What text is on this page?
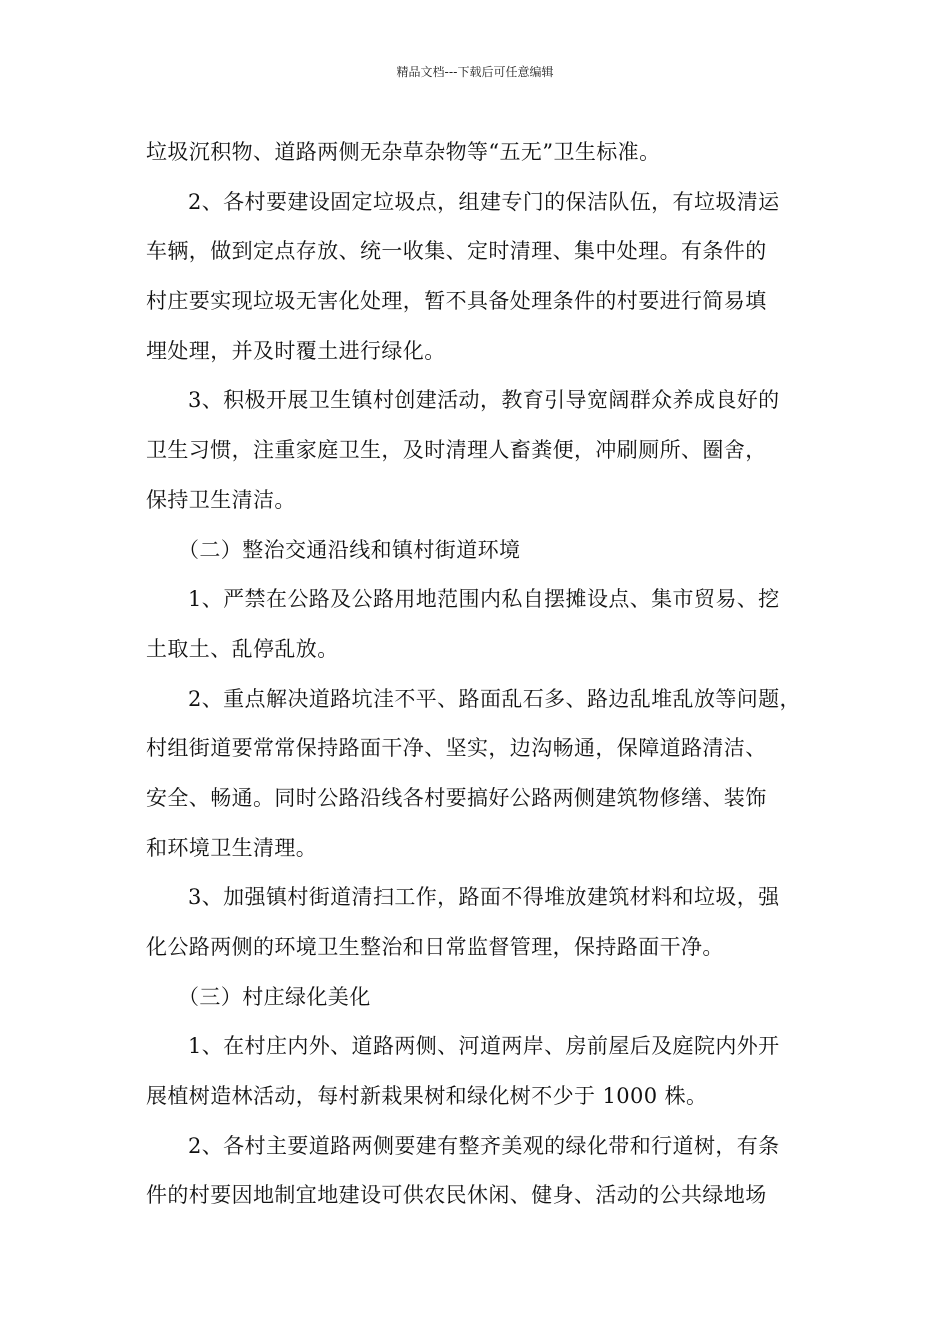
精品文档---下载后可任意编辑
垃圾沉积物、道路两侧无杂草杂物等“五无”卫生标准。
2、各村要建设固定垃圾点，组建专门的保洁队伍，有垃圾清运
车辆，做到定点存放、统一收集、定时清理、集中处理。有条件的
村庄要实现垃圾无害化处理，暂不具备处理条件的村要进行简易填
埋处理，并及时覆土进行绿化。
3、积极开展卫生镇村创建活动，教育引导宽阔群众养成良好的
卫生习惯，注重家庭卫生，及时清理人畜粪便，冲刷厕所、圈舍，
保持卫生清洁。
（二）整治交通沿线和镇村街道环境
1、严禁在公路及公路用地范围内私自摆摊设点、集市贸易、挖
土取土、乱停乱放。
2、重点解决道路坑洼不平、路面乱石多、路边乱堆乱放等问题，
村组街道要常常保持路面干净、坚实，边沟畅通，保障道路清洁、
安全、畅通。同时公路沿线各村要搞好公路两侧建筑物修缮、装饰
和环境卫生清理。
3、加强镇村街道清扫工作，路面不得堆放建筑材料和垃圾，强
化公路两侧的环境卫生整治和日常监督管理，保持路面干净。
（三）村庄绿化美化
1、在村庄内外、道路两侧、河道两岸、房前屋后及庭院内外开
展植树造林活动，每村新栽果树和绿化树不少于 1000 株。
2、各村主要道路两侧要建有整齐美观的绿化带和行道树，有条
件的村要因地制宜地建设可供农民休闲、健身、活动的公共绿地场
